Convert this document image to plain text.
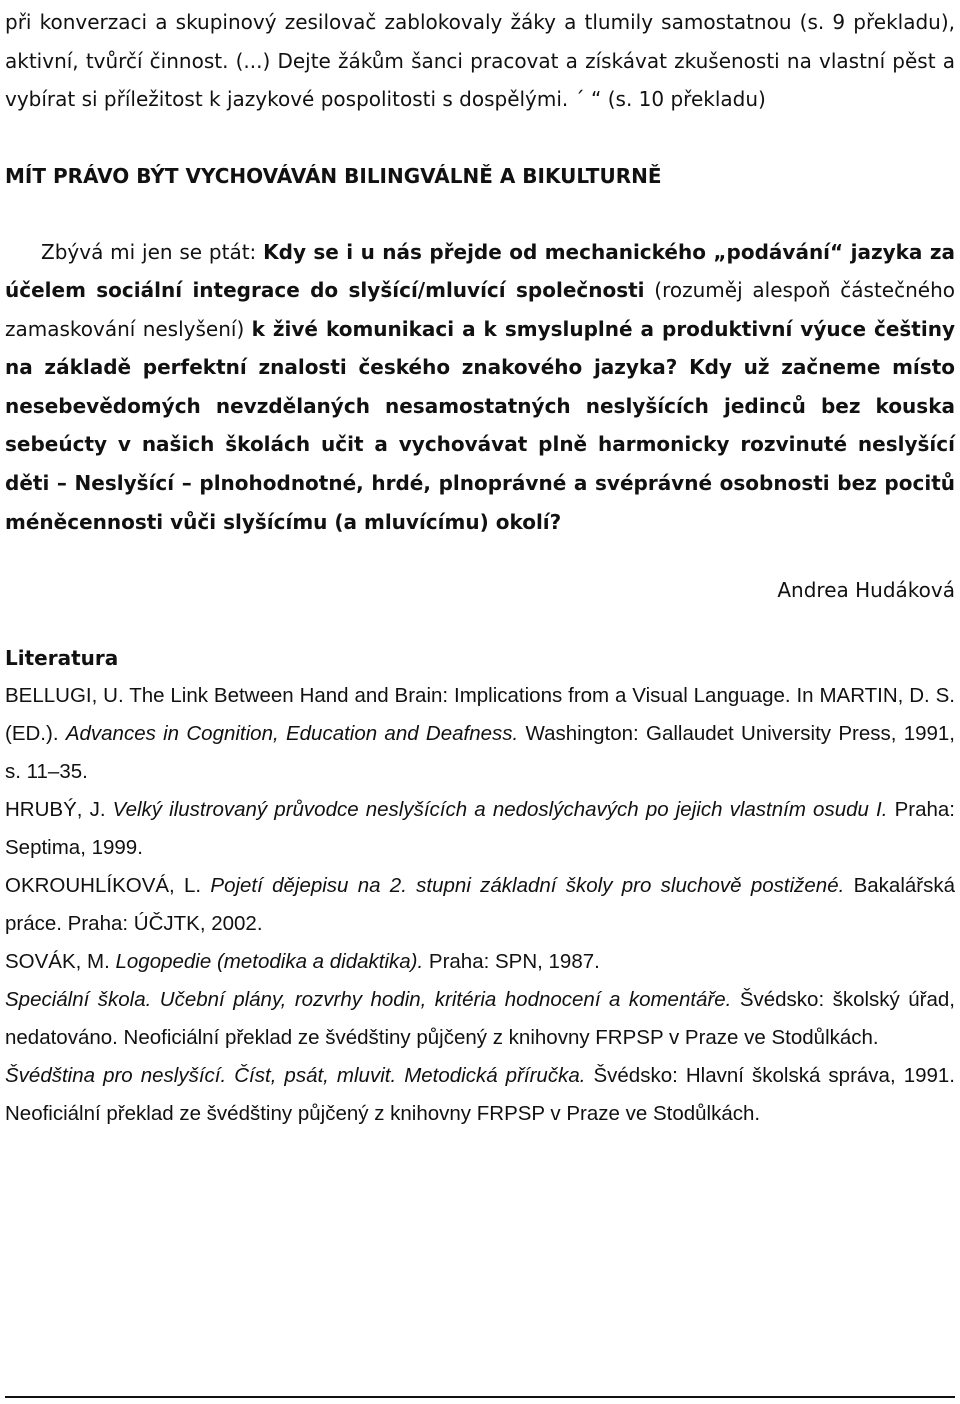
při konverzaci a skupinový zesilovač zablokovaly žáky a tlumily samostatnou (s. 9 překladu), aktivní, tvůrčí činnost. (...) Dejte žákům šanci pracovat a získávat zkušenosti na vlastní pěst a vybírat si příležitost k jazykové pospolitosti s dospělými. ´ “ (s. 10 překladu)

MÍT PRÁVO BÝT VYCHOVÁVÁN BILINGVÁLNĚ A BIKULTURNĚ

Zbývá mi jen se ptát: Kdy se i u nás přejde od mechanického „podávání“ jazyka za účelem sociální integrace do slyšící/mluvící společnosti (rozuměj alespoň částečného zamaskování neslyšení) k živé komunikaci a k smysluplné a produktivní výuce češtiny na základě perfektní znalosti českého znakového jazyka? Kdy už začneme místo nesebevědomých nevzdělaných nesamostatných neslyšících jedinců bez kouska sebeúcty v našich školách učit a vychovávat plně harmonicky rozvinuté neslyšící děti – Neslyšící – plnohodnotné, hrdé, plnoprávné a svéprávné osobnosti bez pocitů méněcennosti vůči slyšícímu (a mluvícímu) okolí?

Andrea Hudáková

Literatura

BELLUGI, U. The Link Between Hand and Brain: Implications from a Visual Language. In MARTIN, D. S. (ED.). Advances in Cognition, Education and Deafness. Washington: Gallaudet University Press, 1991, s. 11–35.

HRUBÝ, J. Velký ilustrovaný průvodce neslyšících a nedoslýchavých po jejich vlastním osudu I. Praha: Septima, 1999.

OKROUHLÍKOVÁ, L. Pojetí dějepisu na 2. stupni základní školy pro sluchově postižené. Bakalářská práce. Praha: ÚČJTK, 2002.

SOVÁK, M. Logopedie (metodika a didaktika). Praha: SPN, 1987.

Speciální škola. Učební plány, rozvrhy hodin, kritéria hodnocení a komentáře. Švédsko: školský úřad, nedatováno. Neoficiální překlad ze švédštiny půjčený z knihovny FRPSP v Praze ve Stodůlkách.

Švédština pro neslyšící. Číst, psát, mluvit. Metodická příručka. Švédsko: Hlavní školská správa, 1991. Neoficiální překlad ze švédštiny půjčený z knihovny FRPSP v Praze ve Stodůlkách.
